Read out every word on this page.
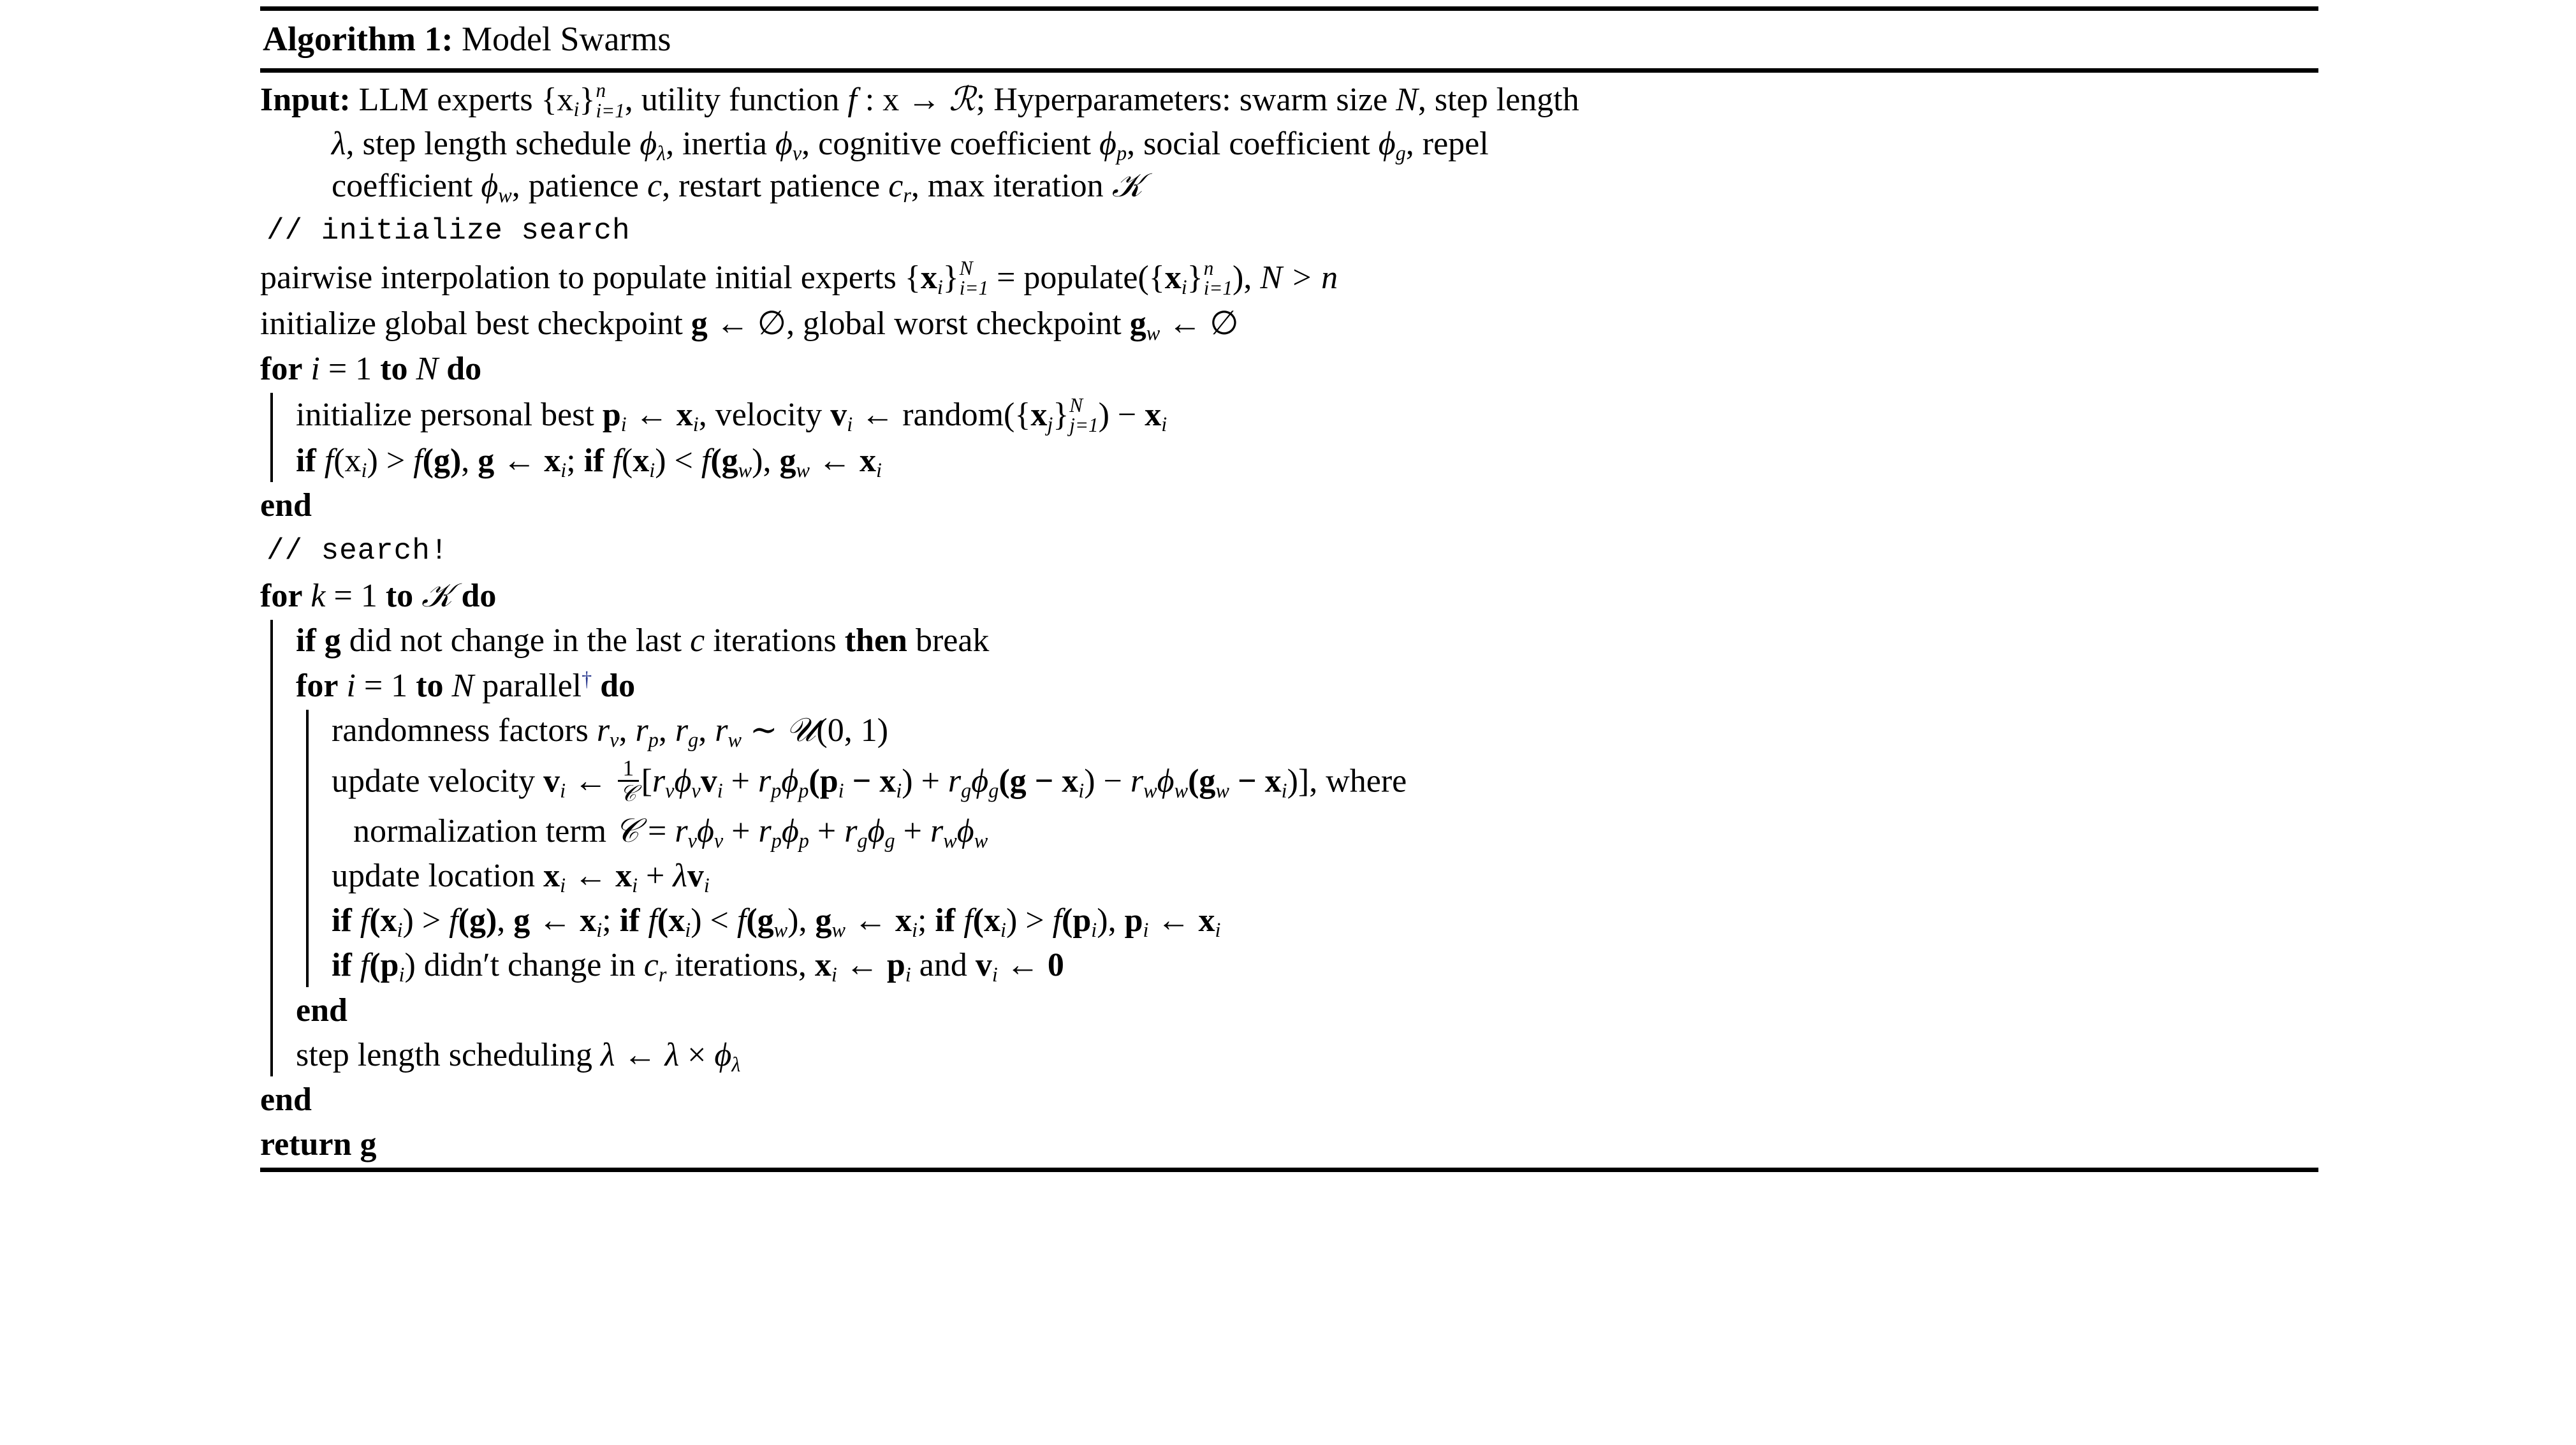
Algorithm 1: Model Swarms
Input: LLM experts $\{x_i\}$ n
i=1 , utility function f : x → ℛ; Hyperparameters: swarm size N, step length
λ, step length schedule $\phi_\lambda$, inertia $\phi_v$, cognitive coefficient $\phi_p$, social coefficient $\phi_g$, repel
coefficient $\phi_w$, patience c, restart patience $c_r$, max iteration 𝒦
// initialize search
pairwise interpolation to populate initial experts $\{x_i\}$ N
$i=1 = populate(\{x_i\}$ n
i=1 ), N > n
initialize global best checkpoint g ← ∅, global worst checkpoint $g_w$ ← ∅
for i = 1 to N do
initialize personal best $p_i$ ← $x_i$, velocity $v_i$ ← $random(\{x_j\}$ N
j=1 ) − $x_i$
if $f(x_i) > f(g)$, g ← $x_i$; if $f(x_i) < f(g_w)$, $g_w$ ← $x_i$
end
// search!
for k = 1 to 𝒦 do
if g did not change in the last c iterations then break
for i = 1 to N parallel† do
randomness factors $r_v$, $r_p$, $r_g$, $r_w$ ∼ 𝒰(0, 1)
update velocity $v_i$ ← $\frac{1}{\text{𝒞}} [r_v\phi_vv_i + r_p\phi_p(p_i - x_i) + r_g\phi_g(g - x_i) - r_w\phi_w(g_w - x_i)]$, where
normalization term 𝒞 = $r_v\phi_v + r_p\phi_p + r_g\phi_g + r_w\phi_w$
update location $x_i$ ← $x_i + \lambda v_i$
if $f(x_i) > f(g)$, g ← $x_i$; if $f(x_i) < f(g_w)$, $g_w$ ← $x_i$; if $f(x_i) > f(p_i)$, $p_i$ ← $x_i$
if $f(p_i)$ didn′t change in $c_r$ iterations, $x_i$ ← $p_i$ and $v_i$ ← 0
end
step length scheduling λ ← $\lambda \times \phi_\lambda$
end
return g
